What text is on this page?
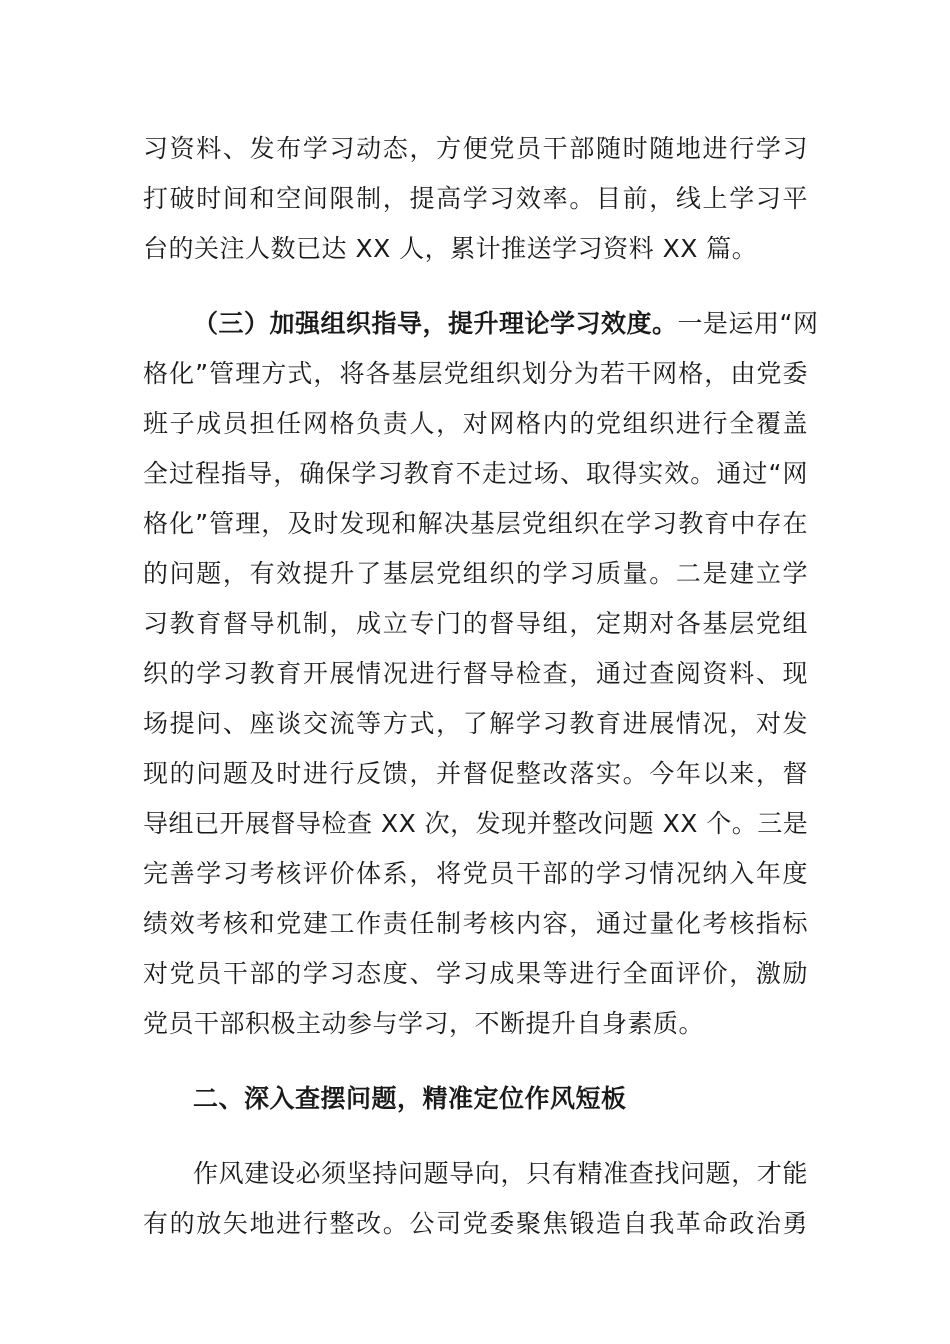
习资料、发布学习动态，方便党员干部随时随地进行学习
打破时间和空间限制，提高学习效率。目前，线上学习平
台的关注人数已达 XX 人，累计推送学习资料 XX 篇。
（三）加强组织指导，提升理论学习效度。一是运用“网
格化”管理方式，将各基层党组织划分为若干网格，由党委
班子成员担任网格负责人，对网格内的党组织进行全覆盖
全过程指导，确保学习教育不走过场、取得实效。通过“网
格化”管理，及时发现和解决基层党组织在学习教育中存在
的问题，有效提升了基层党组织的学习质量。二是建立学
习教育督导机制，成立专门的督导组，定期对各基层党组
织的学习教育开展情况进行督导检查，通过查阅资料、现
场提问、座谈交流等方式，了解学习教育进展情况，对发
现的问题及时进行反馈，并督促整改落实。今年以来，督
导组已开展督导检查 XX 次，发现并整改问题 XX 个。三是
完善学习考核评价体系，将党员干部的学习情况纳入年度
绩效考核和党建工作责任制考核内容，通过量化考核指标
对党员干部的学习态度、学习成果等进行全面评价，激励
党员干部积极主动参与学习，不断提升自身素质。
二、深入查摆问题，精准定位作风短板
作风建设必须坚持问题导向，只有精准查找问题，才能
有的放矢地进行整改。公司党委聚焦锻造自我革命政治勇
